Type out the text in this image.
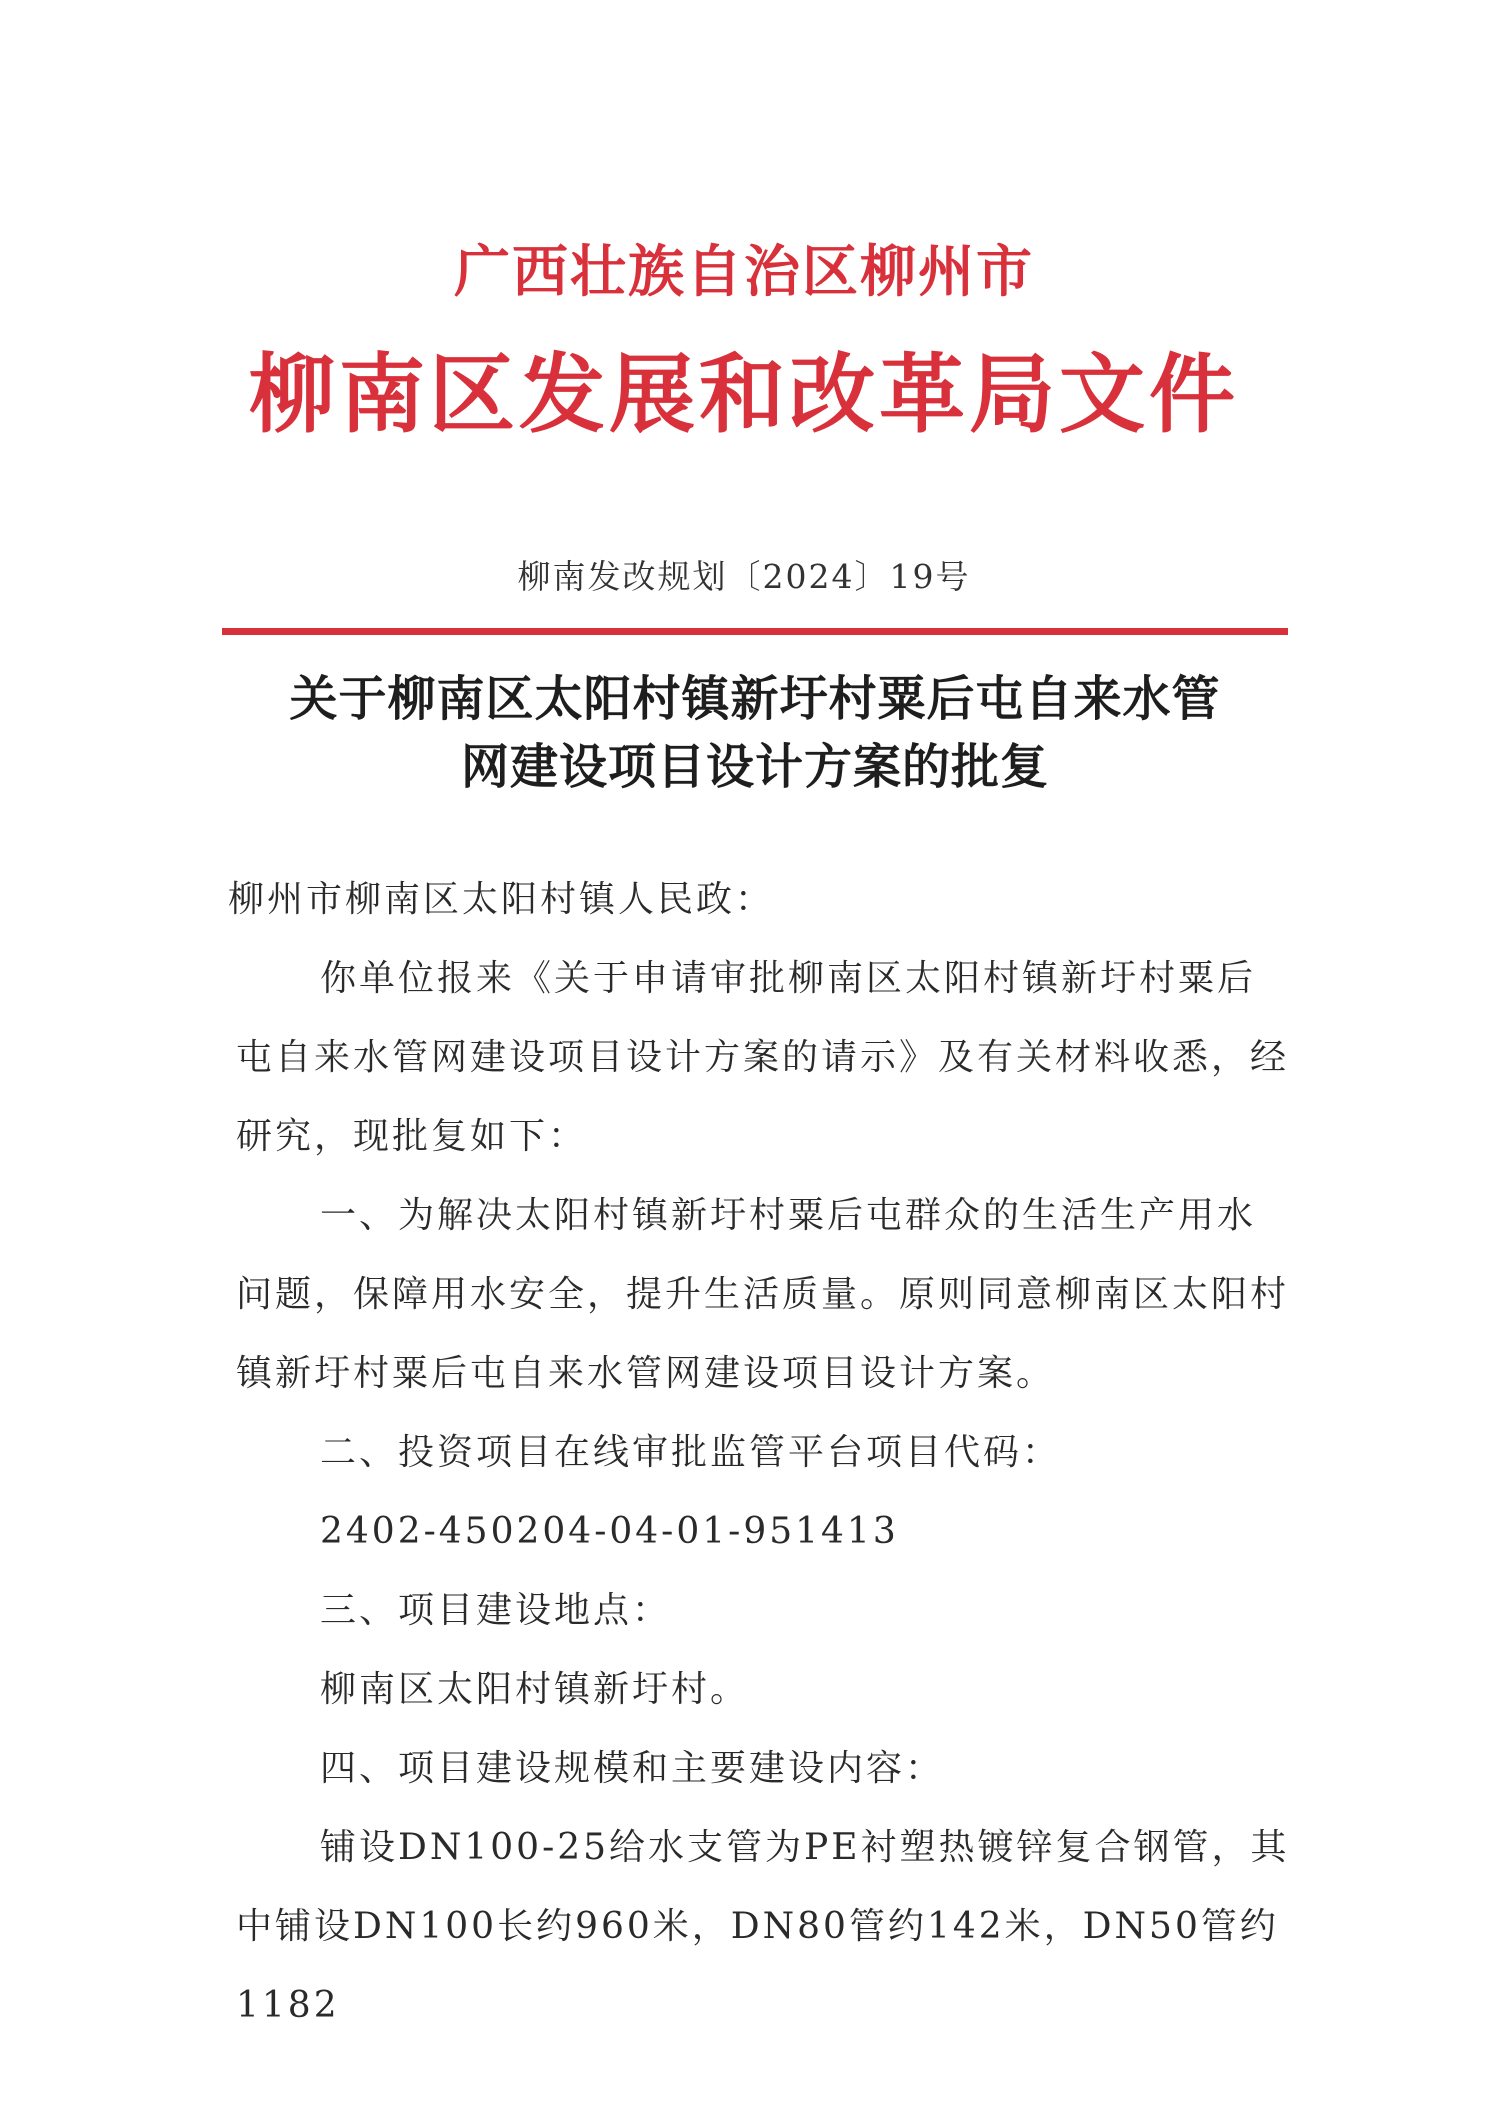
广西壮族自治区柳州市
柳南区发展和改革局文件
柳南发改规划〔2024〕19号
关于柳南区太阳村镇新圩村粟后屯自来水管
网建设项目设计方案的批复

柳州市柳南区太阳村镇人民政：

你单位报来《关于申请审批柳南区太阳村镇新圩村粟后屯自来水管网建设项目设计方案的请示》及有关材料收悉，经研究，现批复如下：

一、为解决太阳村镇新圩村粟后屯群众的生活生产用水问题，保障用水安全，提升生活质量。原则同意柳南区太阳村镇新圩村粟后屯自来水管网建设项目设计方案。

二、投资项目在线审批监管平台项目代码：

2402-450204-04-01-951413

三、项目建设地点：

柳南区太阳村镇新圩村。

四、项目建设规模和主要建设内容：

铺设DN100-25给水支管为PE衬塑热镀锌复合钢管，其中铺设DN100长约960米，DN80管约142米，DN50管约1182
